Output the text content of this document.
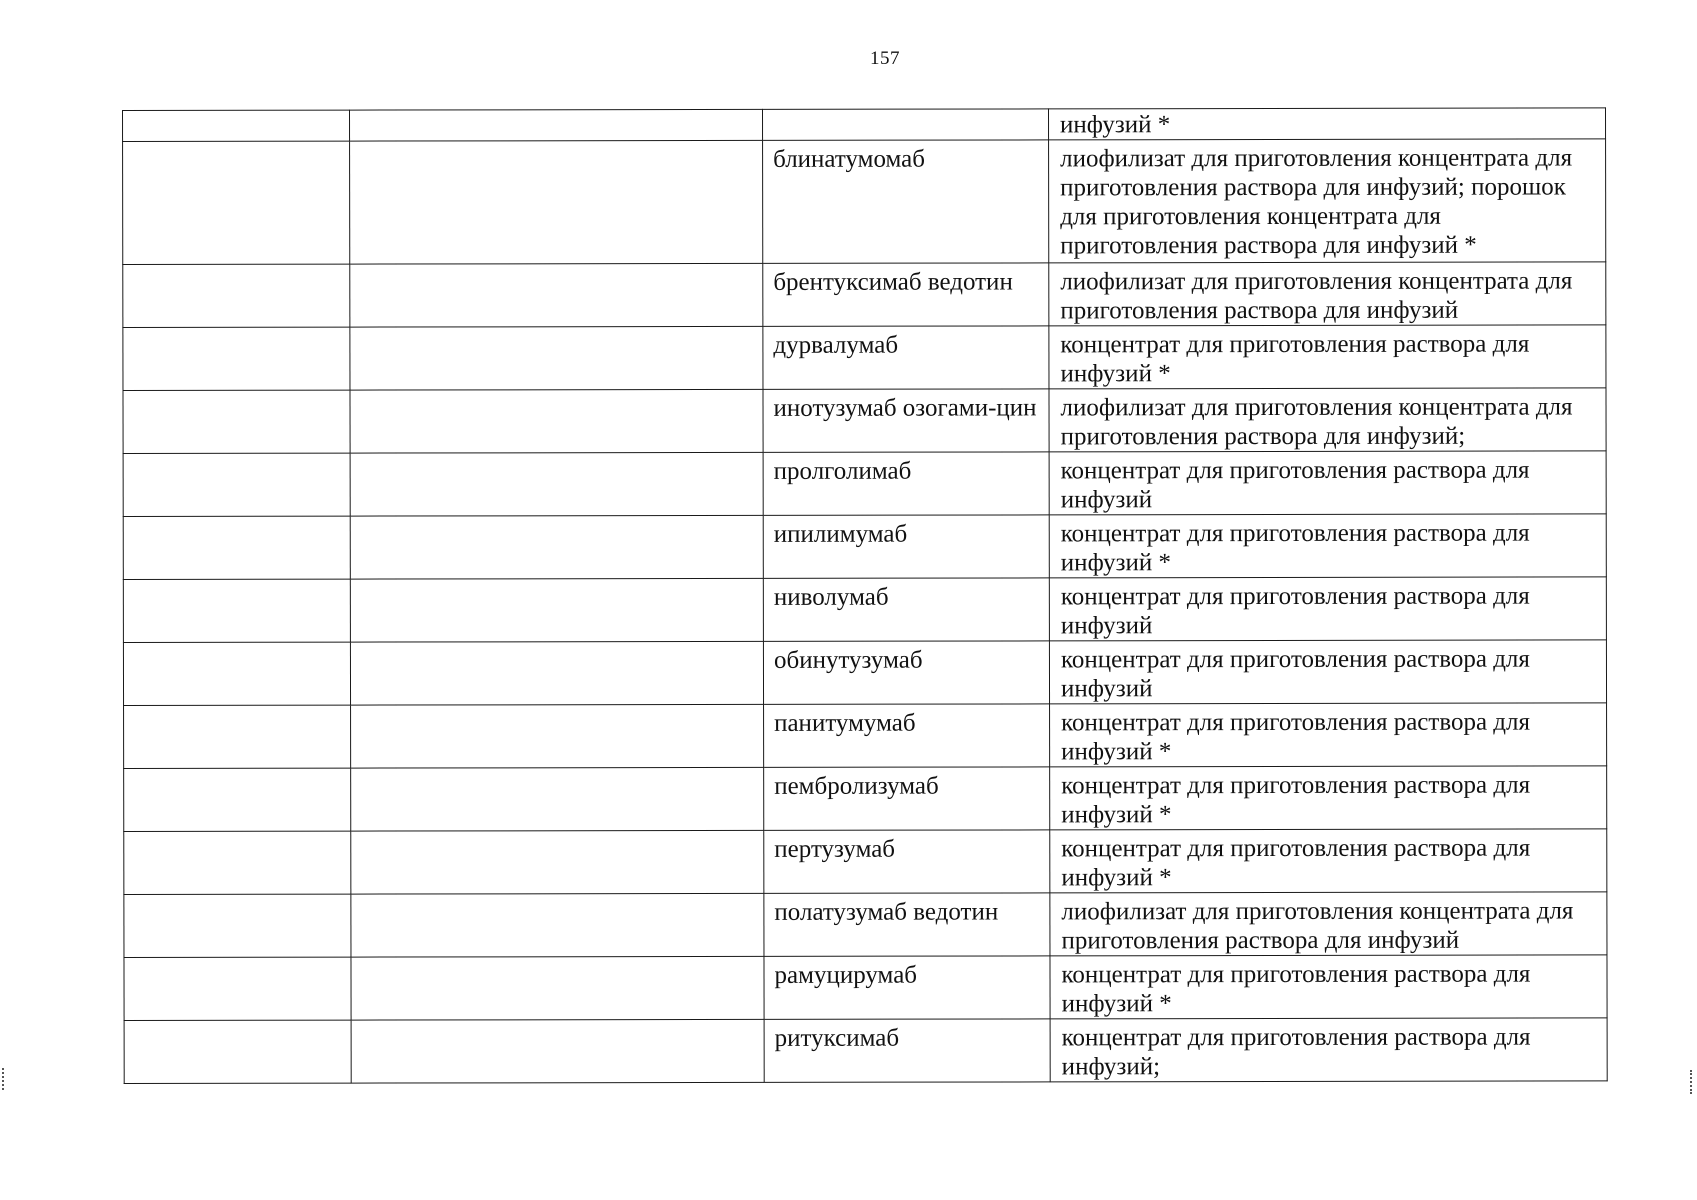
157
			инфузий *
		блинатумомаб	лиофилизат для приготовления концентрата для приготовления раствора для инфузий; порошок для приготовления концентрата для приготовления раствора для инфузий *
		брентуксимаб ведотин	лиофилизат для приготовления концентрата для приготовления раствора для инфузий
		дурвалумаб	концентрат для приготовления раствора для инфузий *
		инотузумаб озогами-цин	лиофилизат для приготовления концентрата для приготовления раствора для инфузий;
		пролголимаб	концентрат для приготовления раствора для инфузий
		ипилимумаб	концентрат для приготовления раствора для инфузий *
		ниволумаб	концентрат для приготовления раствора для инфузий
		обинутузумаб	концентрат для приготовления раствора для инфузий
		панитумумаб	концентрат для приготовления раствора для инфузий *
		пембролизумаб	концентрат для приготовления раствора для инфузий *
		пертузумаб	концентрат для приготовления раствора для инфузий *
		полатузумаб ведотин	лиофилизат для приготовления концентрата для приготовления раствора для инфузий
		рамуцирумаб	концентрат для приготовления раствора для инфузий *
		ритуксимаб	концентрат для приготовления раствора для инфузий;
